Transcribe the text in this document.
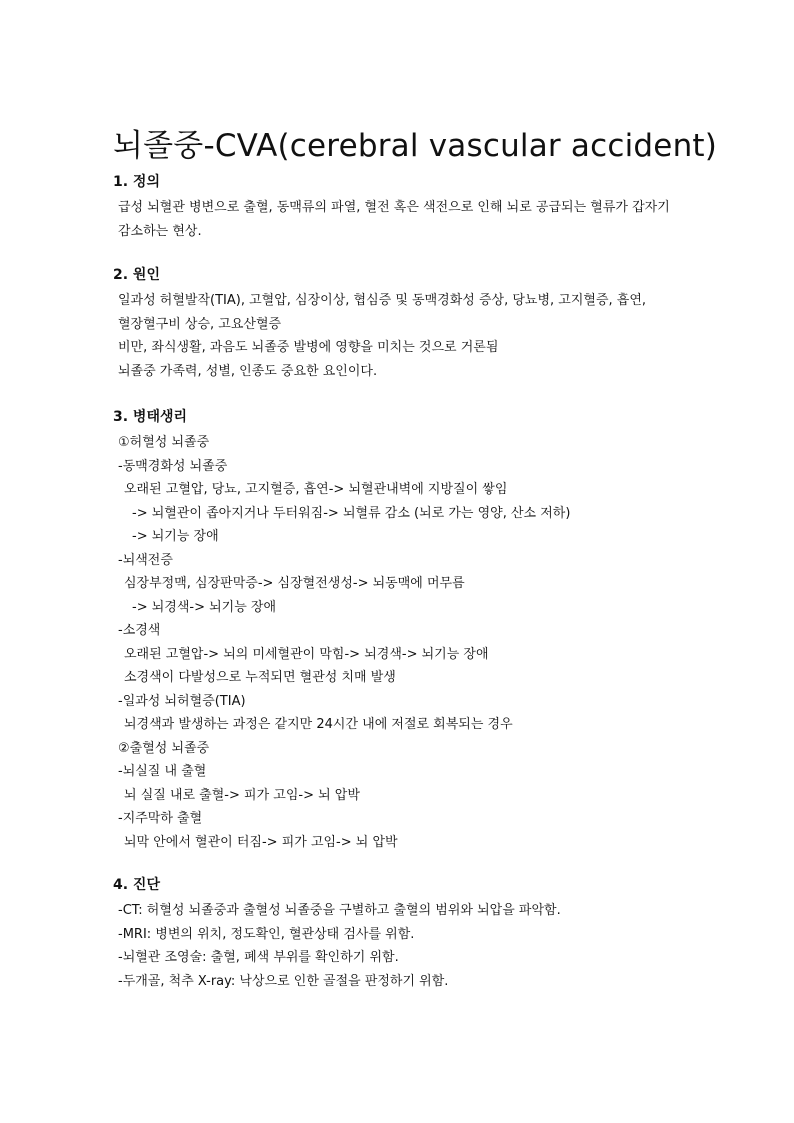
뇌졸중-CVA(cerebral vascular accident)
1. 정의

급성 뇌혈관 병변으로 출혈, 동맥류의 파열, 혈전 혹은 색전으로 인해 뇌로 공급되는 혈류가 갑자기 감소하는 현상.

2. 원인

일과성 허혈발작(TIA), 고혈압, 심장이상, 협심증 및 동맥경화성 증상, 당뇨병, 고지혈증, 흡연, 혈장혈구비 상승, 고요산혈증

비만, 좌식생활, 과음도 뇌졸중 발병에 영향을 미치는 것으로 거론됨

뇌졸중 가족력, 성별, 인종도 중요한 요인이다.

3. 병태생리

①허혈성 뇌졸중

-동맥경화성 뇌졸중

오래된 고혈압, 당뇨, 고지혈증, 흡연-> 뇌혈관내벽에 지방질이 쌓임

-> 뇌혈관이 좁아지거나 두터워짐-> 뇌혈류 감소 (뇌로 가는 영양, 산소 저하)

-> 뇌기능 장애

-뇌색전증

심장부정맥, 심장판막증-> 심장혈전생성-> 뇌동맥에 머무름

-> 뇌경색-> 뇌기능 장애

-소경색

오래된 고혈압-> 뇌의 미세혈관이 막힘-> 뇌경색-> 뇌기능 장애

소경색이 다발성으로 누적되면 혈관성 치매 발생

-일과성 뇌허혈증(TIA)

뇌경색과 발생하는 과정은 같지만 24시간 내에 저절로 회복되는 경우

②출혈성 뇌졸중

-뇌실질 내 출혈

뇌 실질 내로 출혈-> 피가 고임-> 뇌 압박

-지주막하 출혈

뇌막 안에서 혈관이 터짐-> 피가 고임-> 뇌 압박

4. 진단

-CT: 허혈성 뇌졸중과 출혈성 뇌졸중을 구별하고 출혈의 범위와 뇌압을 파악함.

-MRI: 병변의 위치, 정도확인, 혈관상태 검사를 위함.

-뇌혈관 조영술: 출혈, 폐색 부위를 확인하기 위함.

-두개골, 척추 X-ray: 낙상으로 인한 골절을 판정하기 위함.
